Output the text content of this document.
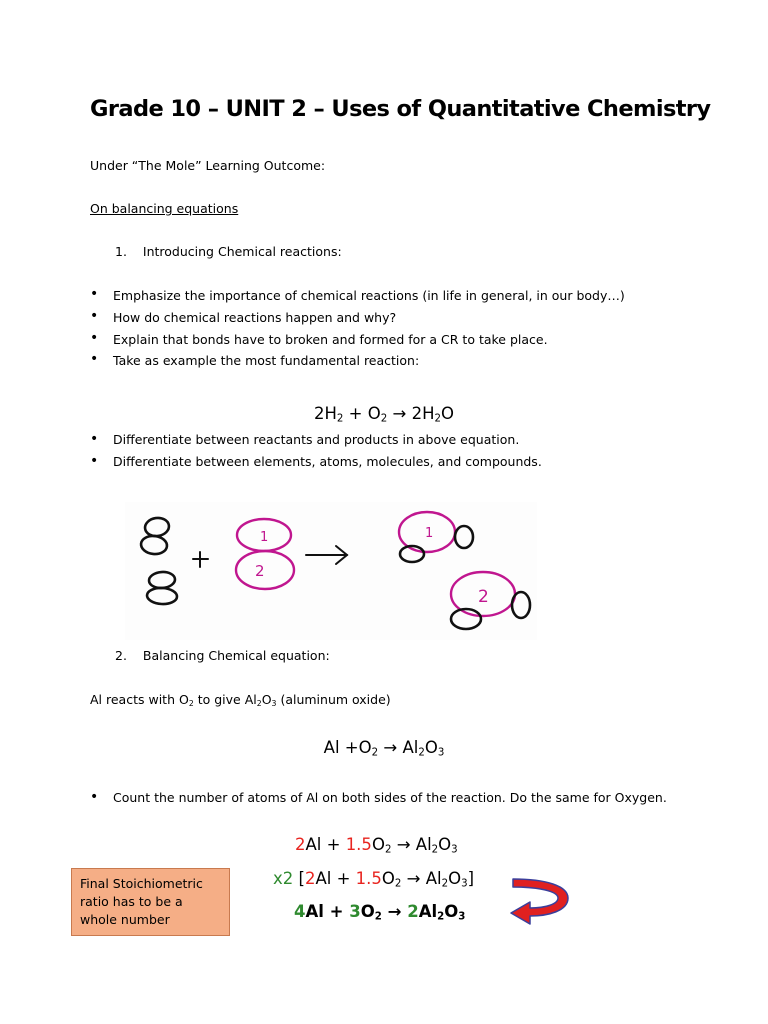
Grade 10 – UNIT 2 – Uses of Quantitative Chemistry
Under “The Mole” Learning Outcome:
On balancing equations
1. Introducing Chemical reactions:
• Emphasize the importance of chemical reactions (in life in general, in our body…)
• How do chemical reactions happen and why?
• Explain that bonds have to broken and formed for a CR to take place.
• Take as example the most fundamental reaction:
$2H_2 + O_2 \to 2H_2O$
• Differentiate between reactants and products in above equation.
• Differentiate between elements, atoms, molecules, and compounds.
1
2
1
2
2. Balancing Chemical equation:
Al reacts with $O_2$ to give $Al_2O_3$ (aluminum oxide)
$Al +O_2 \to Al_2O_3$
• Count the number of atoms of Al on both sides of the reaction. Do the same for Oxygen.
$2Al + 1.5O_2 \to Al_2O_3$
x2 $[2Al + 1.5O_2 \to Al_2O_3]$
$4Al + 3O_2 \to 2Al_2O_3$
Final Stoichiometric ratio has to be a whole number
